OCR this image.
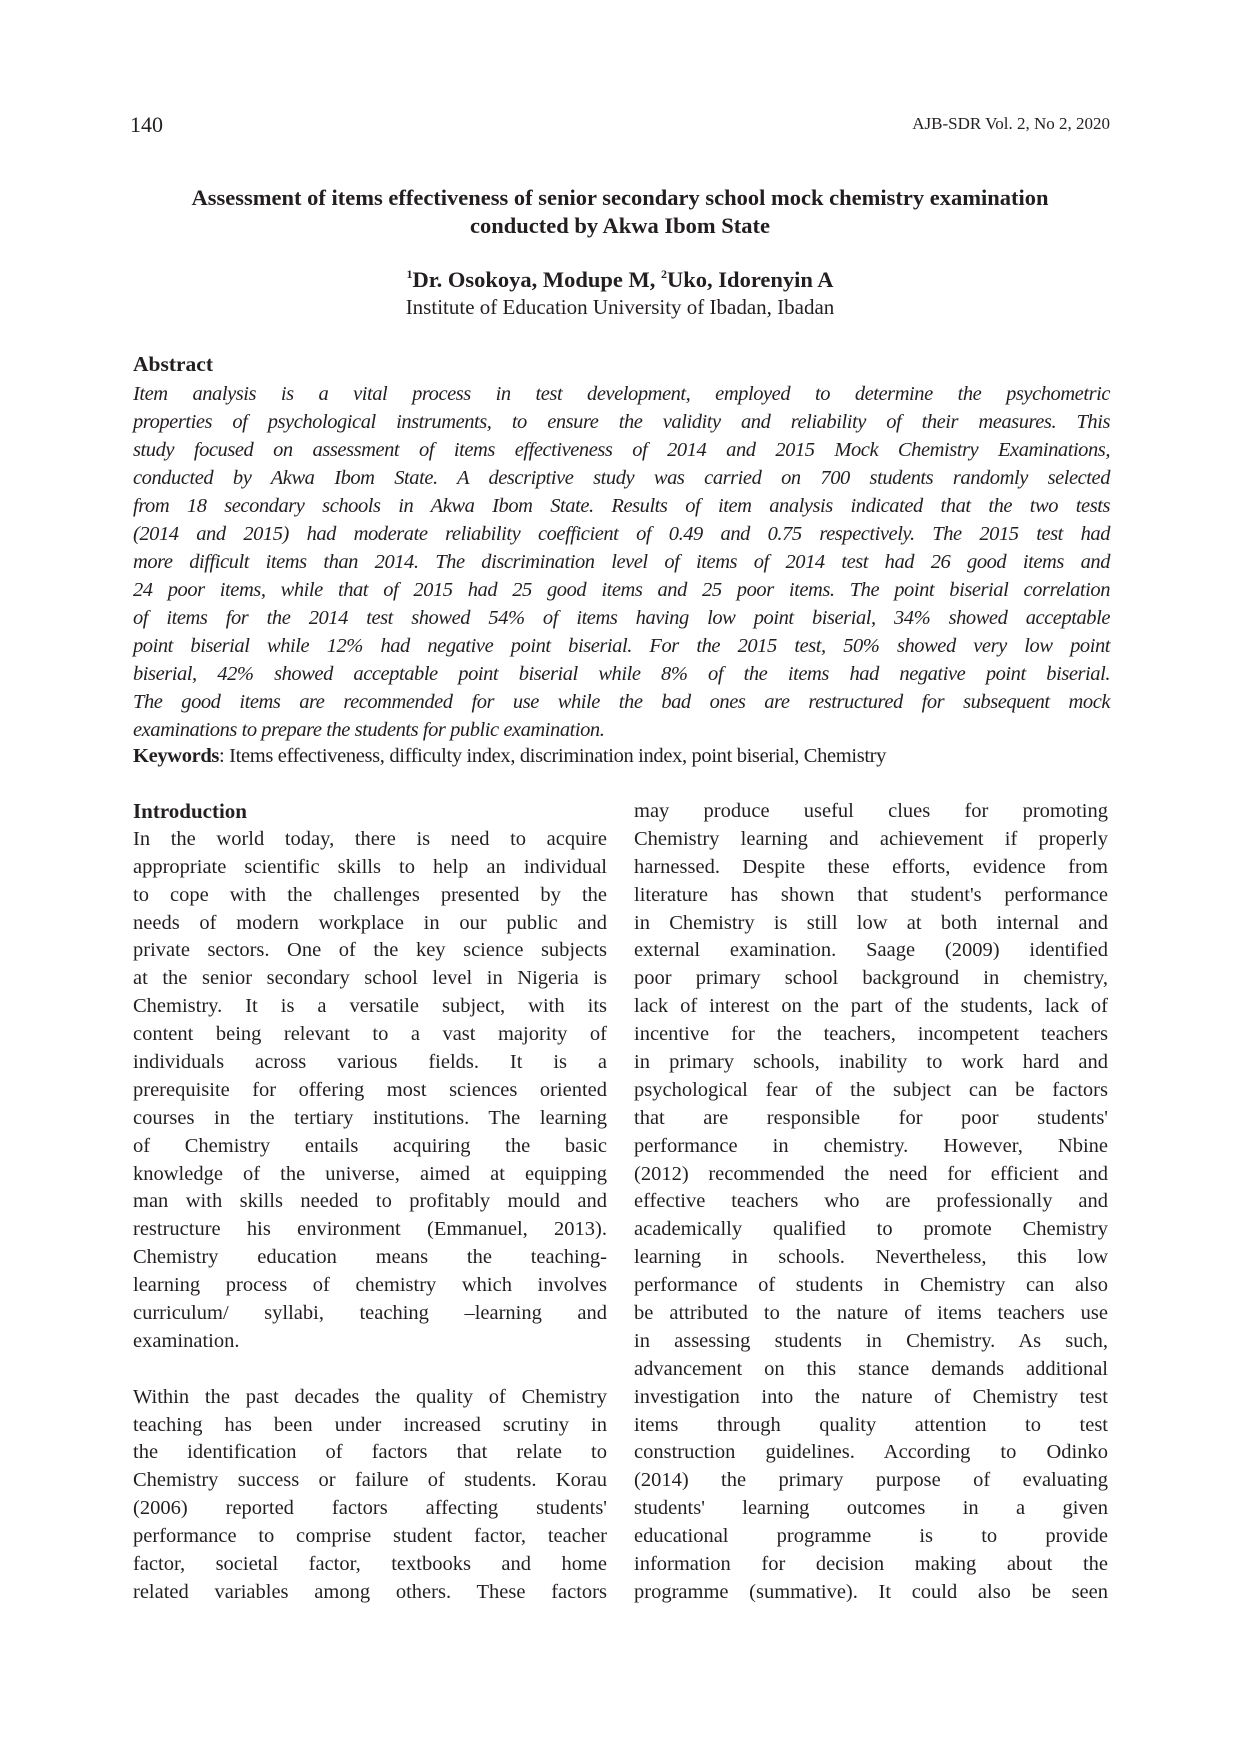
140	AJB-SDR Vol. 2, No 2, 2020
Assessment of items effectiveness of senior secondary school mock chemistry examination
conducted by Akwa Ibom State
$^1$Dr. Osokoya, Modupe M, $^2$Uko, Idorenyin A
Institute of Education University of Ibadan, Ibadan
Abstract
Item analysis is a vital process in test development, employed to determine the psychometric
properties of psychological instruments, to ensure the validity and reliability of their measures. This
study focused on assessment of items effectiveness of 2014 and 2015 Mock Chemistry Examinations,
conducted by Akwa Ibom State. A descriptive study was carried on 700 students randomly selected
from 18 secondary schools in Akwa Ibom State. Results of item analysis indicated that the two tests
(2014 and 2015) had moderate reliability coefficient of 0.49 and 0.75 respectively. The 2015 test had
more difficult items than 2014. The discrimination level of items of 2014 test had 26 good items and
24 poor items, while that of 2015 had 25 good items and 25 poor items. The point biserial correlation
of items for the 2014 test showed 54% of items having low point biserial, 34% showed acceptable
point biserial while 12% had negative point biserial. For the 2015 test, 50% showed very low point
biserial, 42% showed acceptable point biserial while 8% of the items had negative point biserial.
The good items are recommended for use while the bad ones are restructured for subsequent mock
examinations to prepare the students for public examination.
Keywords: Items effectiveness, difficulty index, discrimination index, point biserial, Chemistry
Introduction
In the world today, there is need to acquire
appropriate scientific skills to help an individual
to cope with the challenges presented by the
needs of modern workplace in our public and
private sectors. One of the key science subjects
at the senior secondary school level in Nigeria is
Chemistry. It is a versatile subject, with its
content being relevant to a vast majority of
individuals across various fields. It is a
prerequisite for offering most sciences oriented
courses in the tertiary institutions. The learning
of Chemistry entails acquiring the basic
knowledge of the universe, aimed at equipping
man with skills needed to profitably mould and
restructure his environment (Emmanuel, 2013).
Chemistry education means the teaching-
learning process of chemistry which involves
curriculum/ syllabi, teaching –learning and
examination.
Within the past decades the quality of Chemistry
teaching has been under increased scrutiny in
the identification of factors that relate to
Chemistry success or failure of students. Korau
(2006) reported factors affecting students'
performance to comprise student factor, teacher
factor, societal factor, textbooks and home
related variables among others. These factors
may produce useful clues for promoting
Chemistry learning and achievement if properly
harnessed. Despite these efforts, evidence from
literature has shown that student's performance
in Chemistry is still low at both internal and
external examination. Saage (2009) identified
poor primary school background in chemistry,
lack of interest on the part of the students, lack of
incentive for the teachers, incompetent teachers
in primary schools, inability to work hard and
psychological fear of the subject can be factors
that are responsible for poor students'
performance in chemistry. However, Nbine
(2012) recommended the need for efficient and
effective teachers who are professionally and
academically qualified to promote Chemistry
learning in schools. Nevertheless, this low
performance of students in Chemistry can also
be attributed to the nature of items teachers use
in assessing students in Chemistry. As such,
advancement on this stance demands additional
investigation into the nature of Chemistry test
items through quality attention to test
construction guidelines. According to Odinko
(2014) the primary purpose of evaluating
students' learning outcomes in a given
educational programme is to provide
information for decision making about the
programme (summative). It could also be seen
